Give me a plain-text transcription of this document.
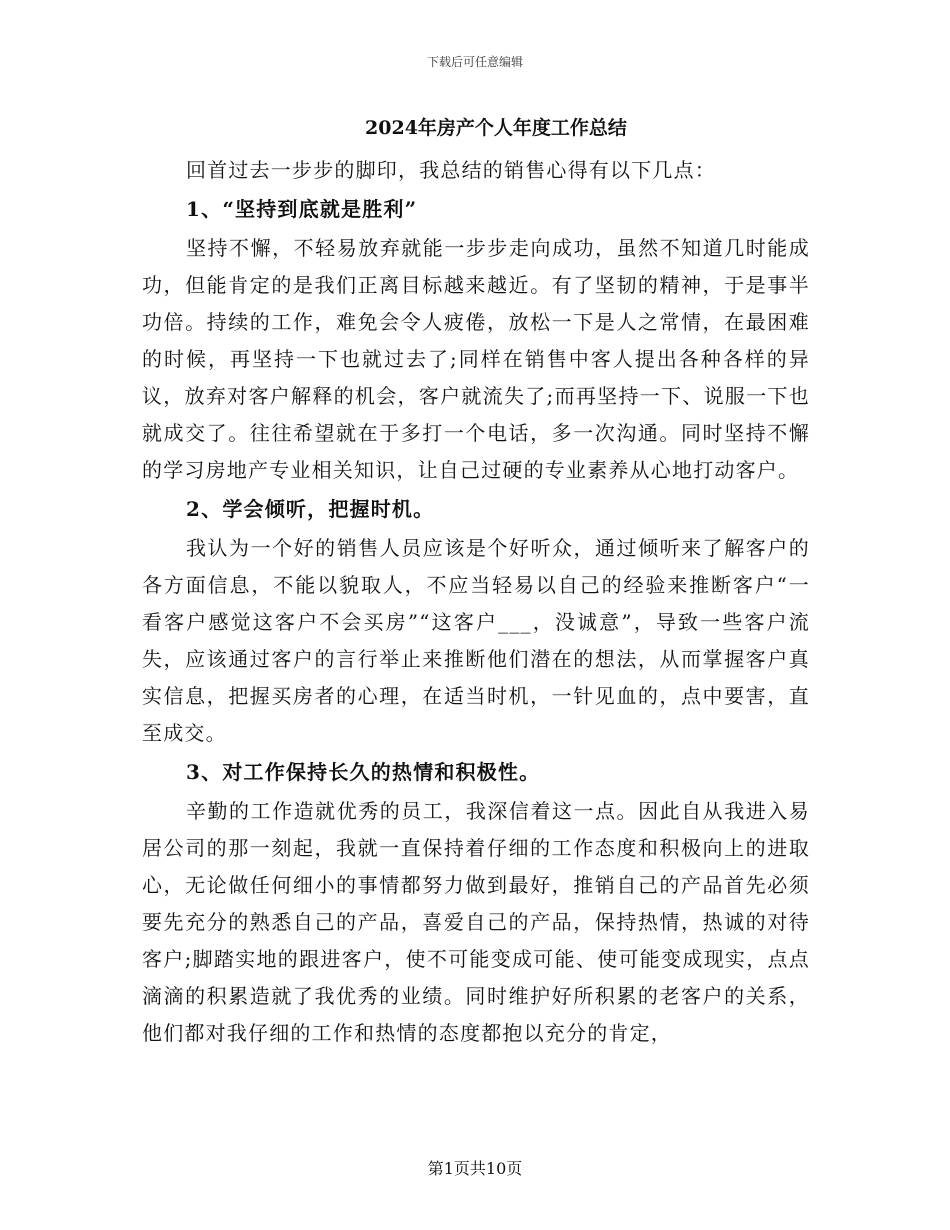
下载后可任意编辑
2024年房产个人年度工作总结

回首过去一步步的脚印，我总结的销售心得有以下几点：

1、“坚持到底就是胜利”

坚持不懈，不轻易放弃就能一步步走向成功，虽然不知道几时能成功，但能肯定的是我们正离目标越来越近。有了坚韧的精神，于是事半功倍。持续的工作，难免会令人疲倦，放松一下是人之常情，在最困难的时候，再坚持一下也就过去了;同样在销售中客人提出各种各样的异议，放弃对客户解释的机会，客户就流失了;而再坚持一下、说服一下也就成交了。往往希望就在于多打一个电话，多一次沟通。同时坚持不懈的学习房地产专业相关知识，让自己过硬的专业素养从心地打动客户。

2、学会倾听，把握时机。

我认为一个好的销售人员应该是个好听众，通过倾听来了解客户的各方面信息，不能以貌取人，不应当轻易以自己的经验来推断客户“一看客户感觉这客户不会买房”“这客户___，没诚意”，导致一些客户流失，应该通过客户的言行举止来推断他们潜在的想法，从而掌握客户真实信息，把握买房者的心理，在适当时机，一针见血的，点中要害，直至成交。

3、对工作保持长久的热情和积极性。

辛勤的工作造就优秀的员工，我深信着这一点。因此自从我进入易居公司的那一刻起，我就一直保持着仔细的工作态度和积极向上的进取心，无论做任何细小的事情都努力做到最好，推销自己的产品首先必须要先充分的熟悉自己的产品，喜爱自己的产品，保持热情，热诚的对待客户;脚踏实地的跟进客户，使不可能变成可能、使可能变成现实，点点滴滴的积累造就了我优秀的业绩。同时维护好所积累的老客户的关系，他们都对我仔细的工作和热情的态度都抱以充分的肯定，

第1页共10页
